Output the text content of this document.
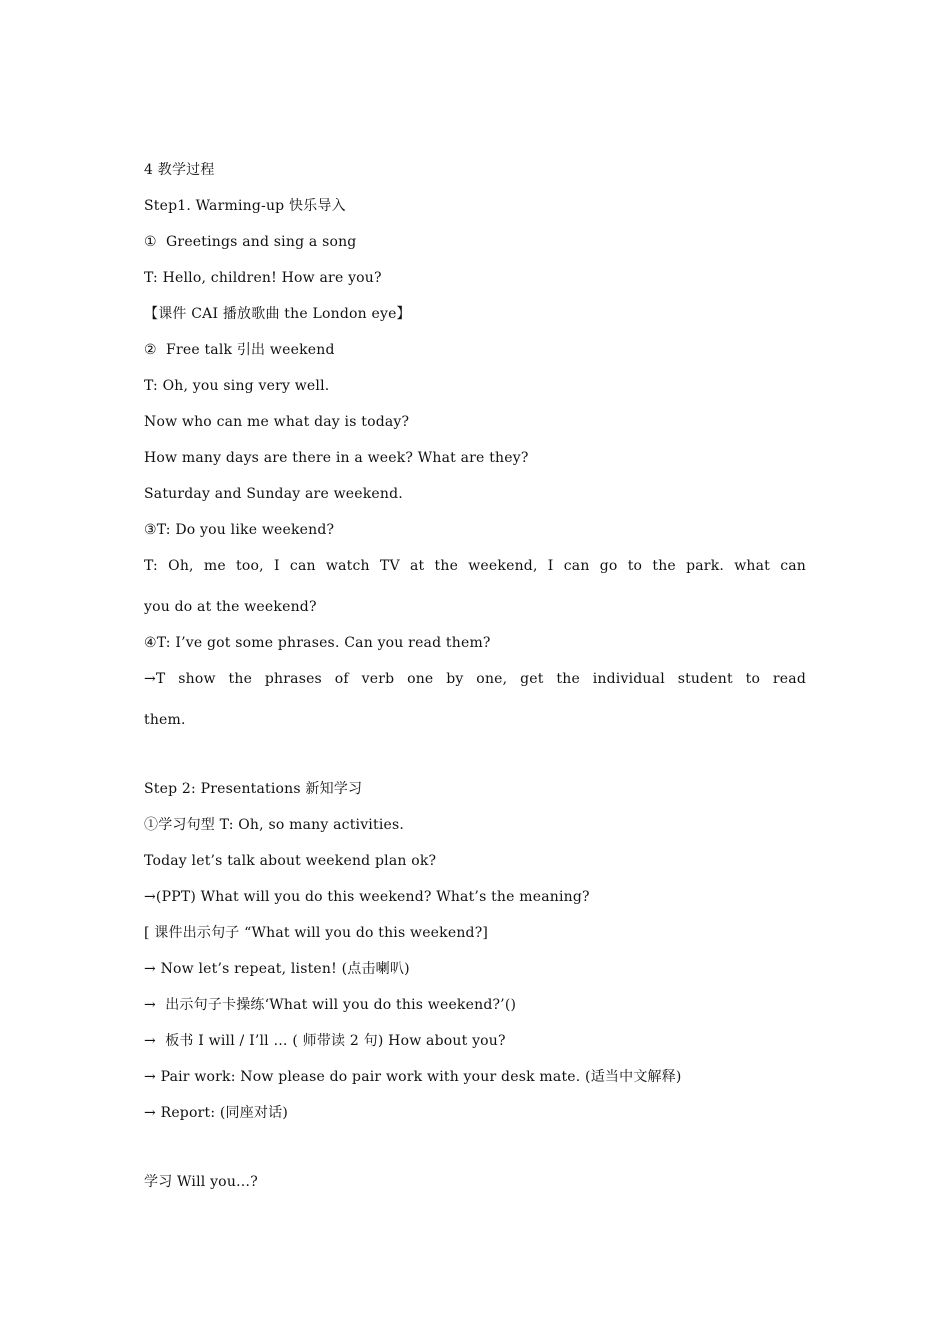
4 教学过程

Step1. Warming-up 快乐导入

①  Greetings and sing a song

T: Hello, children! How are you?

【课件 CAI 播放歌曲 the London eye】

②  Free talk 引出 weekend

T: Oh, you sing very well.

Now who can me what day is today?

How many days are there in a week? What are they?

Saturday and Sunday are weekend.

③T: Do you like weekend?

T: Oh, me too, I can watch TV at the weekend, I can go to the park. what can

you do at the weekend?

④T: I’ve got some phrases. Can you read them?

→T show the phrases of verb one by one, get the individual student to read

them.

Step 2: Presentations 新知学习

①学习句型 T: Oh, so many activities.

Today let’s talk about weekend plan ok?

→(PPT) What will you do this weekend? What’s the meaning?

[ 课件出示句子 “What will you do this weekend?]

→ Now let’s repeat, listen! (点击喇叭)

→  出示句子卡操练‘What will you do this weekend?’()

→  板书 I will / I’ll … ( 师带读 2 句) How about you?

→ Pair work: Now please do pair work with your desk mate. (适当中文解释)

→ Report: (同座对话)

学习 Will you…?
